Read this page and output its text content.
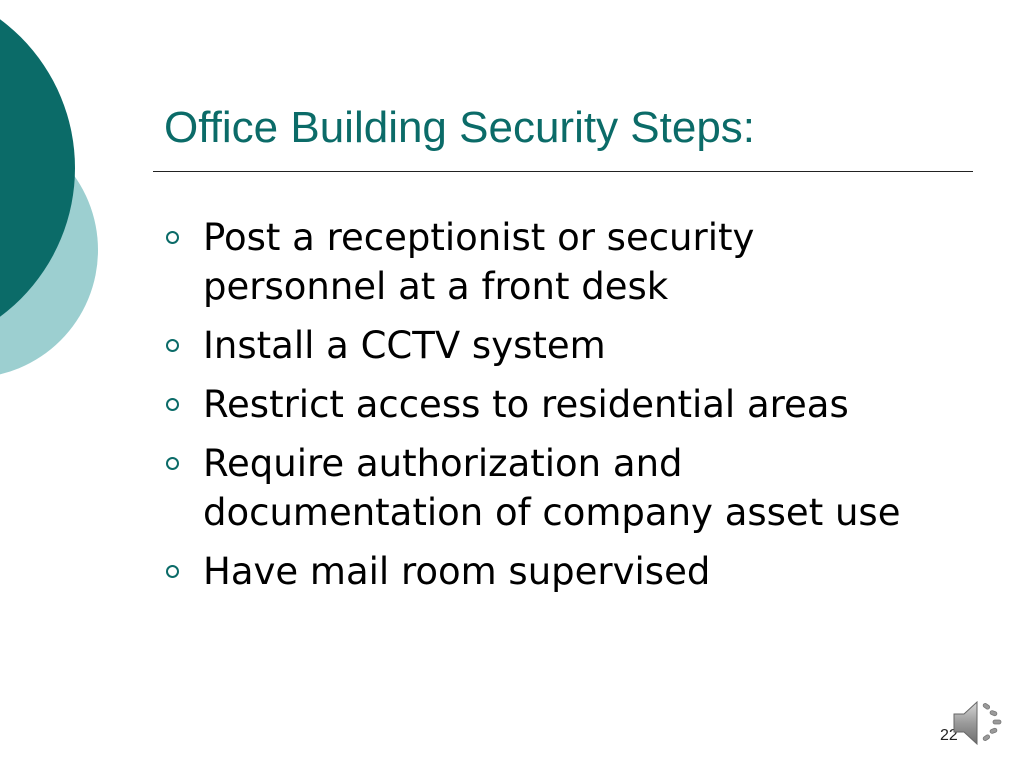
Office Building Security Steps:
Post a receptionist or security personnel at a front desk
Install a CCTV system
Restrict access to residential areas
Require authorization and documentation of company asset use
Have mail room supervised
22
